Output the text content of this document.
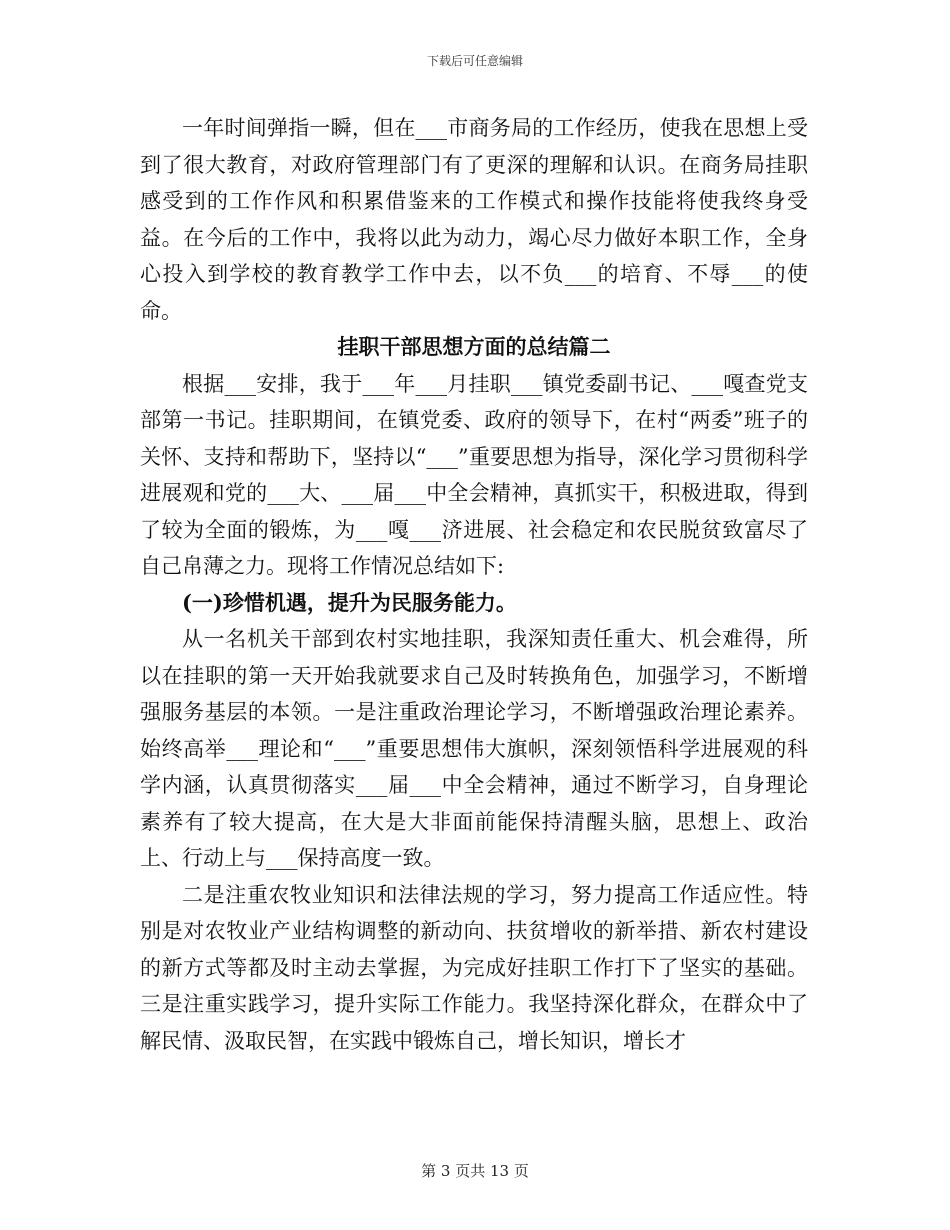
下载后可任意编辑

一年时间弹指一瞬，但在___市商务局的工作经历，使我在思想上受到了很大教育，对政府管理部门有了更深的理解和认识。在商务局挂职感受到的工作作风和积累借鉴来的工作模式和操作技能将使我终身受益。在今后的工作中，我将以此为动力，竭心尽力做好本职工作，全身心投入到学校的教育教学工作中去，以不负___的培育、不辱___的使命。

挂职干部思想方面的总结篇二

根据___安排，我于___年___月挂职___镇党委副书记、___嘎查党支部第一书记。挂职期间，在镇党委、政府的领导下，在村“两委”班子的关怀、支持和帮助下，坚持以“___”重要思想为指导，深化学习贯彻科学进展观和党的___大、___届___中全会精神，真抓实干，积极进取，得到了较为全面的锻炼，为___嘎___济进展、社会稳定和农民脱贫致富尽了自己帛薄之力。现将工作情况总结如下:

(一)珍惜机遇，提升为民服务能力。

从一名机关干部到农村实地挂职，我深知责任重大、机会难得，所以在挂职的第一天开始我就要求自己及时转换角色，加强学习，不断增强服务基层的本领。一是注重政治理论学习，不断增强政治理论素养。始终高举___理论和“___”重要思想伟大旗帜，深刻领悟科学进展观的科学内涵，认真贯彻落实___届___中全会精神，通过不断学习，自身理论素养有了较大提高，在大是大非面前能保持清醒头脑，思想上、政治上、行动上与___保持高度一致。

二是注重农牧业知识和法律法规的学习，努力提高工作适应性。特别是对农牧业产业结构调整的新动向、扶贫增收的新举措、新农村建设的新方式等都及时主动去掌握，为完成好挂职工作打下了坚实的基础。三是注重实践学习，提升实际工作能力。我坚持深化群众，在群众中了解民情、汲取民智，在实践中锻炼自己，增长知识，增长才

第 3 页共 13 页
